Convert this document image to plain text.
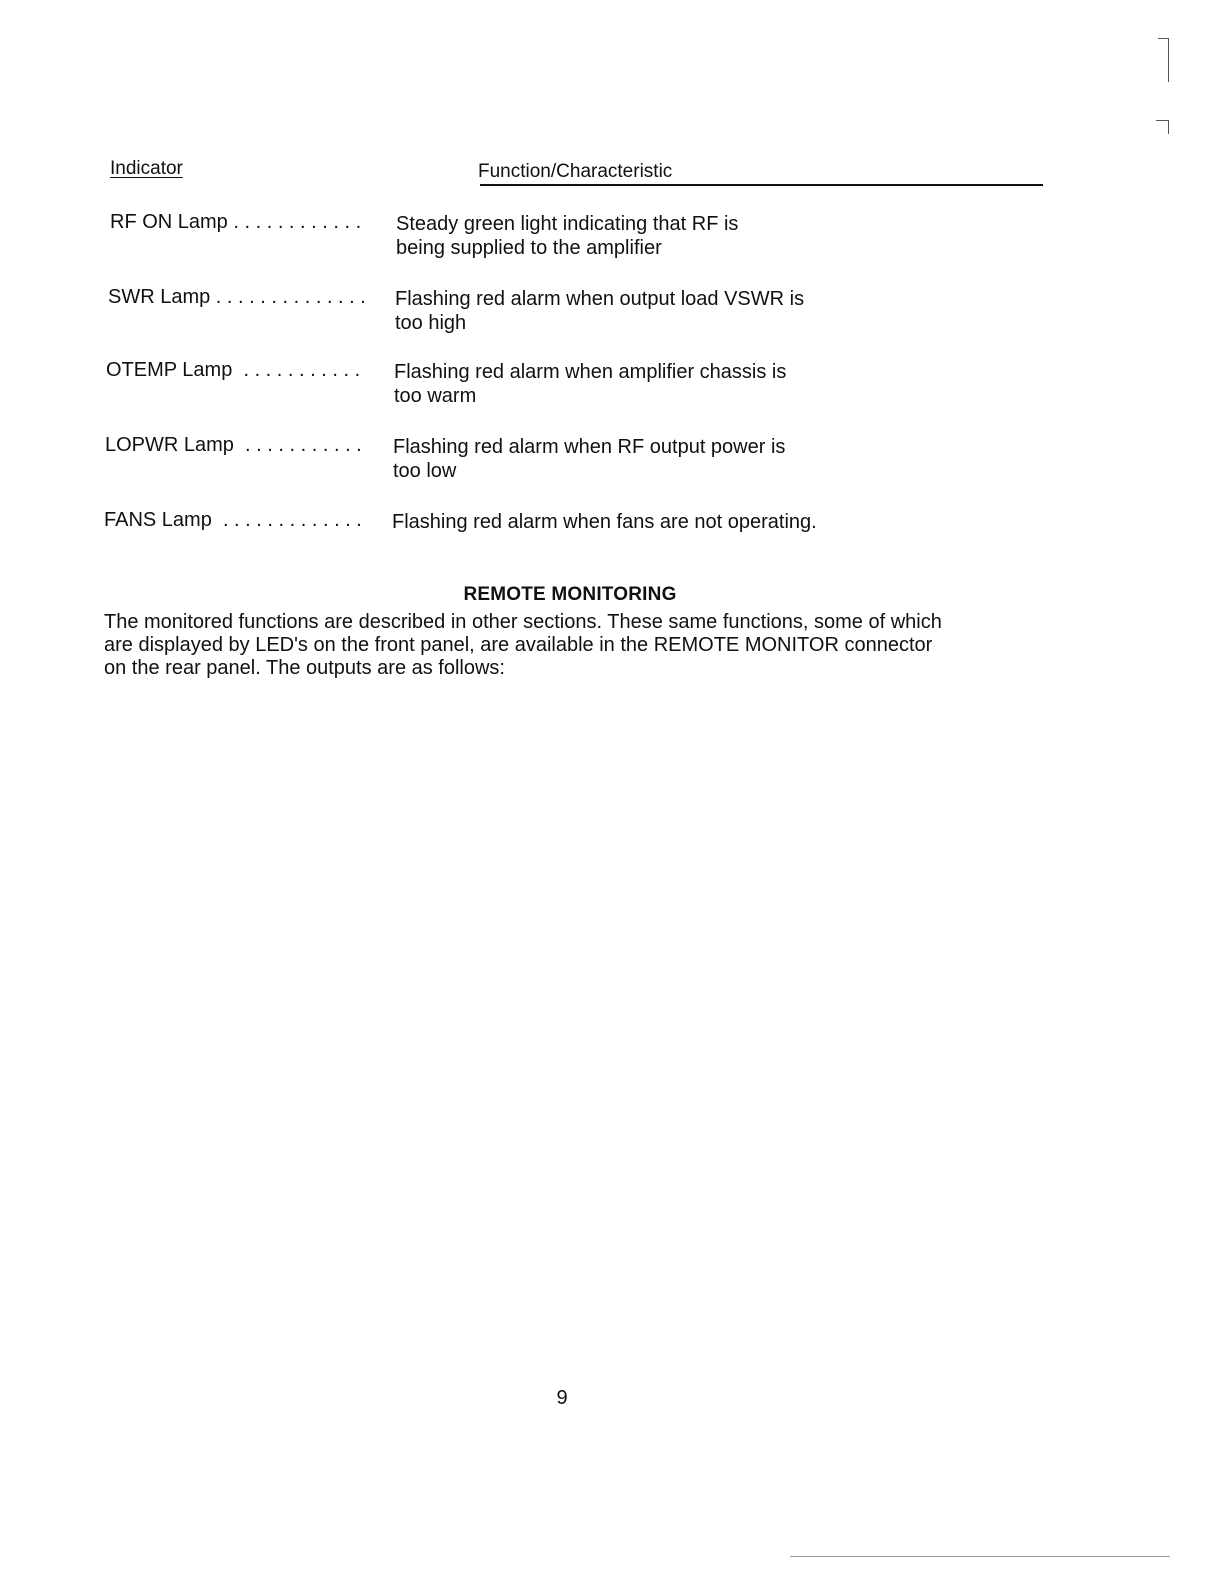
Indicator	Function/Characteristic
RF ON Lamp . . . . . . . . . . . . Steady green light indicating that RF is
being supplied to the amplifier
SWR Lamp . . . . . . . . . . . . . . Flashing red alarm when output load VSWR is
too high
OTEMP Lamp  . . . . . . . . . . . Flashing red alarm when amplifier chassis is
too warm
LOPWR Lamp  . . . . . . . . . . . Flashing red alarm when RF output power is
too low
FANS Lamp  . . . . . . . . . . . . . Flashing red alarm when fans are not operating.
REMOTE MONITORING
The monitored functions are described in other sections. These same functions, some of which
are displayed by LED's on the front panel, are available in the REMOTE MONITOR connector
on the rear panel. The outputs are as follows:
9
